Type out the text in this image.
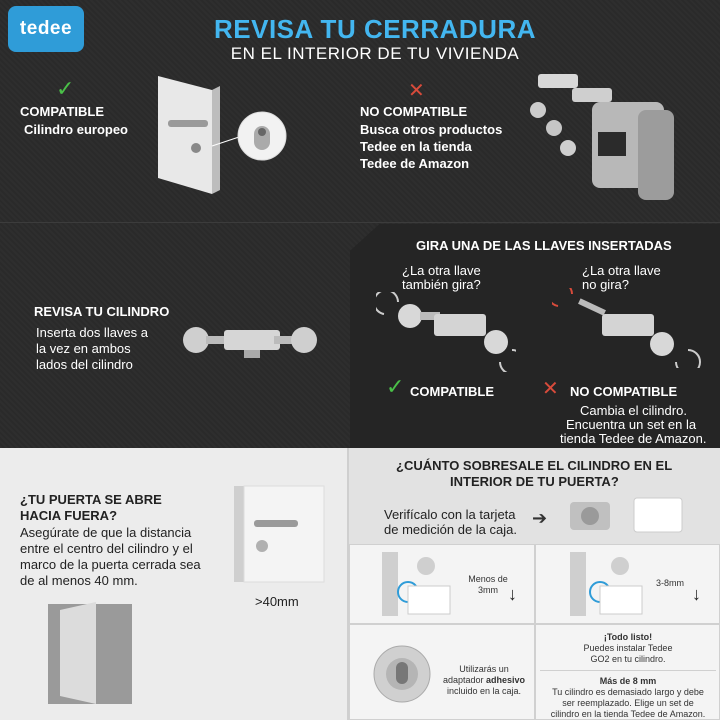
tedee	REVISA TU CERRADURA
EN EL INTERIOR DE TU VIVIENDA
✓
COMPATIBLE
Cilindro europeo
✕
NO COMPATIBLE
Busca otros productos
Tedee en la tienda
Tedee de Amazon
REVISA TU CILINDRO
Inserta dos llaves a
la vez en ambos
lados del cilindro
GIRA UNA DE LAS LLAVES INSERTADAS
¿La otra llave
también gira?
¿La otra llave
no gira?
✓ COMPATIBLE ✕ NO COMPATIBLE
Cambia el cilindro.
Encuentra un set en la
tienda Tedee de Amazon.
¿TU PUERTA SE ABRE
HACIA FUERA?
Asegúrate de que la distancia
entre el centro del cilindro y el
marco de la puerta cerrada sea
de al menos 40 mm.
>40mm
¿CUÁNTO SOBRESALE EL CILINDRO EN EL
INTERIOR DE TU PUERTA?
Verifícalo con la tarjeta
de medición de la caja.
➔
Menos de
3mm ↓
3-8mm
↓
Utilizarás un
adaptador adhesivo
incluido en la caja.
¡Todo listo!
Puedes instalar Tedee
GO2 en tu cilindro.
Más de 8 mm
Tu cilindro es demasiado largo y debe
ser reemplazado. Elige un set de
cilindro en la tienda Tedee de Amazon.
